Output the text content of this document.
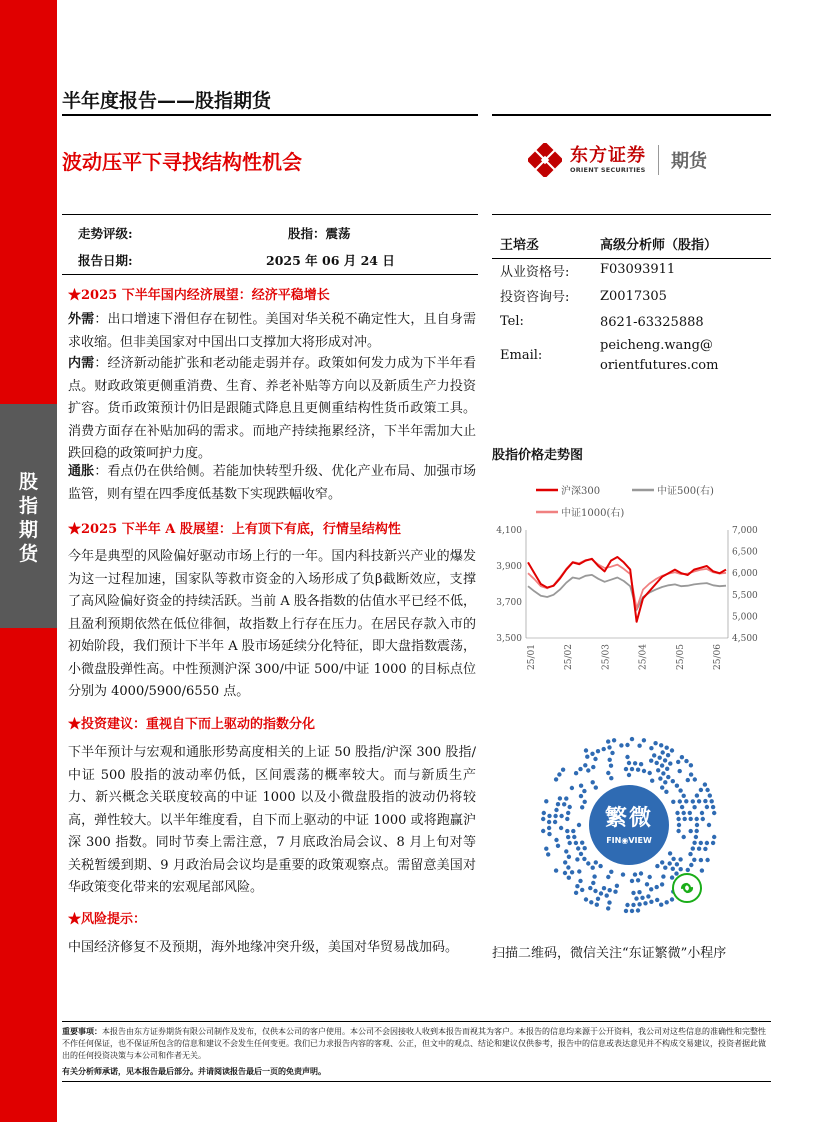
股
指
期
货
半年度报告——股指期货
波动压平下寻找结构性机会	东方证券
ORIENT SECURITIES 期货
走势评级:	股指：震荡
报告日期:	2025 年 06 月 24 日
王培丞	高级分析师（股指）
从业资格号: F03093911
投资咨询号: Z0017305
Tel:	8621-63325888
Email:
peicheng.wang@
orientfutures.com
★2025 下半年国内经济展望：经济平稳增长
外需：出口增速下滑但存在韧性。美国对华关税不确定性大，且自身需求收缩。但非美国家对中国出口支撑加大将形成对冲。
内需：经济新动能扩张和老动能走弱并存。政策如何发力成为下半年看点。财政政策更侧重消费、生育、养老补贴等方向以及新质生产力投资扩容。货币政策预计仍旧是跟随式降息且更侧重结构性货币政策工具。消费方面存在补贴加码的需求。而地产持续拖累经济，下半年需加大止跌回稳的政策呵护力度。
通胀：看点仍在供给侧。若能加快转型升级、优化产业布局、加强市场监管，则有望在四季度低基数下实现跌幅收窄。
★2025 下半年 A 股展望：上有顶下有底，行情呈结构性
今年是典型的风险偏好驱动市场上行的一年。国内科技新兴产业的爆发为这一过程加速，国家队等救市资金的入场形成了负β截断效应，支撑了高风险偏好资金的持续活跃。当前 A 股各指数的估值水平已经不低，且盈利预期依然在低位徘徊，故指数上行存在压力。在居民存款入市的初始阶段，我们预计下半年 A 股市场延续分化特征，即大盘指数震荡，小微盘股弹性高。中性预测沪深 300/中证 500/中证 1000 的目标点位分别为 4000/5900/6550 点。
★投资建议：重视自下而上驱动的指数分化
下半年预计与宏观和通胀形势高度相关的上证 50 股指/沪深 300 股指/中证 500 股指的波动率仍低，区间震荡的概率较大。而与新质生产力、新兴概念关联度较高的中证 1000 以及小微盘股指的波动仍将较高，弹性较大。以半年维度看，自下而上驱动的中证 1000 或将跑赢沪深 300 指数。同时节奏上需注意，7 月底政治局会议、8 月上旬对等关税暂缓到期、9 月政治局会议均是重要的政策观察点。需留意美国对华政策变化带来的宏观尾部风险。
★风险提示：
中国经济修复不及预期，海外地缘冲突升级，美国对华贸易战加码。
股指价格走势图
4,100
3,900
3,700
3,500
7,000
6,500
6,000
5,500
5,000
4,500
25/01	25/02	25/03	25/04	25/05	25/06
沪深300	中证500(右)
中证1000(右)
繁微
FIN◉VIEW
扫描二维码，微信关注“东证繁微”小程序
重要事项：本报告由东方证券期货有限公司制作及发布，仅供本公司的客户使用。本公司不会因接收人收到本报告而视其为客户。本报告的信息均来源于公开资料，我公司对这些信息的准确性和完整性不作任何保证，也不保证所包含的信息和建议不会发生任何变更。我们已力求报告内容的客观、公正，但文中的观点、结论和建议仅供参考，报告中的信息或表达意见并不构成交易建议，投资者据此做出的任何投资决策与本公司和作者无关。
有关分析师承诺，见本报告最后部分。并请阅读报告最后一页的免责声明。
